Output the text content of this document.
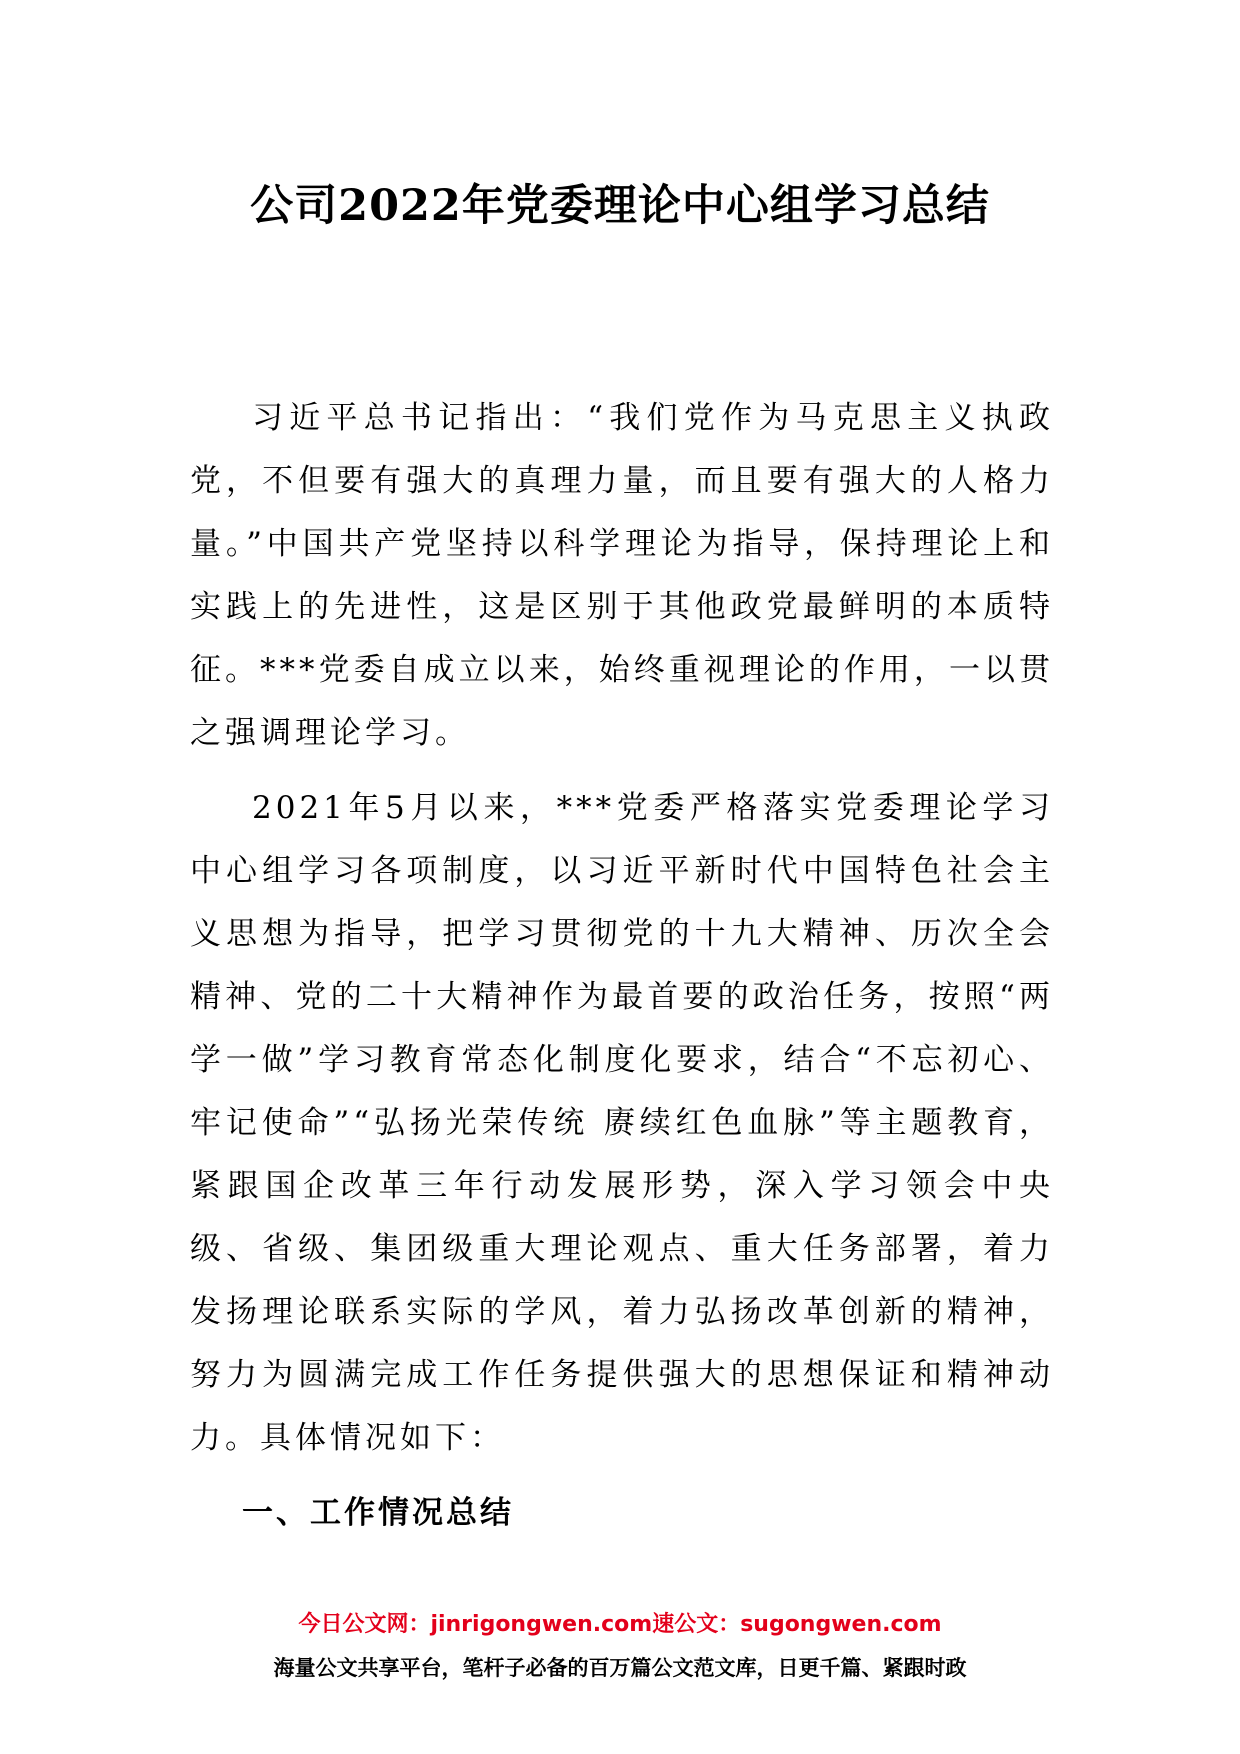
公司2022年党委理论中心组学习总结

习近平总书记指出：“我们党作为马克思主义执政党，不但要有强大的真理力量，而且要有强大的人格力量。”中国共产党坚持以科学理论为指导，保持理论上和实践上的先进性，这是区别于其他政党最鲜明的本质特征。***党委自成立以来，始终重视理论的作用，一以贯之强调理论学习。

2021年5月以来，***党委严格落实党委理论学习中心组学习各项制度，以习近平新时代中国特色社会主义思想为指导，把学习贯彻党的十九大精神、历次全会精神、党的二十大精神作为最首要的政治任务，按照“两学一做”学习教育常态化制度化要求，结合“不忘初心、牢记使命”“弘扬光荣传统 赓续红色血脉”等主题教育，紧跟国企改革三年行动发展形势，深入学习领会中央级、省级、集团级重大理论观点、重大任务部署，着力发扬理论联系实际的学风，着力弘扬改革创新的精神，努力为圆满完成工作任务提供强大的思想保证和精神动力。具体情况如下：

一、工作情况总结

今日公文网：jinrigongwen.com速公文：sugongwen.com
海量公文共享平台，笔杆子必备的百万篇公文范文库，日更千篇、紧跟时政
